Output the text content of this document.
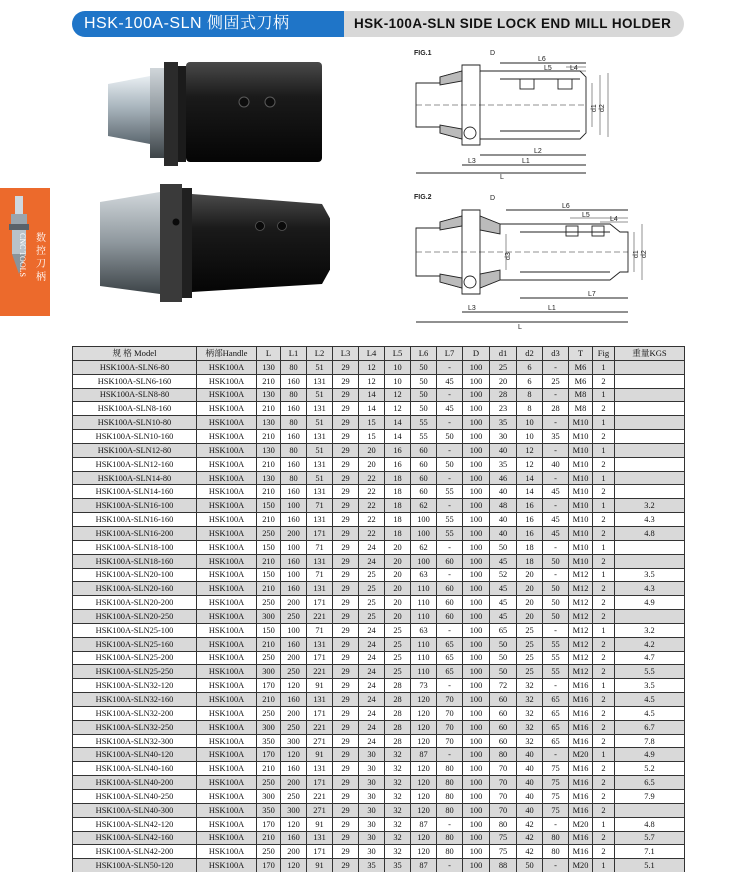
HSK-100A-SLN 侧固式刀柄	HSK-100A-SLN SIDE LOCK END MILL HOLDER
数
控
刀
柄
CNC TOOLS
FIG.1	D
L6
L5	L4
d1 d2
L2
L3	L1
L
FIG.2	D
L6
L5
L4
d3	d1 d2
L7
L3	L1
L
规 格 Model	柄部Handle	L	L1	L2	L3	L4	L5	L6	L7	D	d1	d2	d3	T	Fig	重量KGS
HSK100A-SLN6-80	HSK100A	130	80	51	29	12	10	50	-	100	25	6	-	M6	1	
HSK100A-SLN6-160	HSK100A	210	160	131	29	12	10	50	45	100	20	6	25	M6	2	
HSK100A-SLN8-80	HSK100A	130	80	51	29	14	12	50	-	100	28	8	-	M8	1	
HSK100A-SLN8-160	HSK100A	210	160	131	29	14	12	50	45	100	23	8	28	M8	2	
HSK100A-SLN10-80	HSK100A	130	80	51	29	15	14	55	-	100	35	10	-	M10	1	
HSK100A-SLN10-160	HSK100A	210	160	131	29	15	14	55	50	100	30	10	35	M10	2	
HSK100A-SLN12-80	HSK100A	130	80	51	29	20	16	60	-	100	40	12	-	M10	1	
HSK100A-SLN12-160	HSK100A	210	160	131	29	20	16	60	50	100	35	12	40	M10	2	
HSK100A-SLN14-80	HSK100A	130	80	51	29	22	18	60	-	100	46	14	-	M10	1	
HSK100A-SLN14-160	HSK100A	210	160	131	29	22	18	60	55	100	40	14	45	M10	2	
HSK100A-SLN16-100	HSK100A	150	100	71	29	22	18	62	-	100	48	16	-	M10	1	3.2
HSK100A-SLN16-160	HSK100A	210	160	131	29	22	18	100	55	100	40	16	45	M10	2	4.3
HSK100A-SLN16-200	HSK100A	250	200	171	29	22	18	100	55	100	40	16	45	M10	2	4.8
HSK100A-SLN18-100	HSK100A	150	100	71	29	24	20	62	-	100	50	18	-	M10	1	
HSK100A-SLN18-160	HSK100A	210	160	131	29	24	20	100	60	100	45	18	50	M10	2	
HSK100A-SLN20-100	HSK100A	150	100	71	29	25	20	63	-	100	52	20	-	M12	1	3.5
HSK100A-SLN20-160	HSK100A	210	160	131	29	25	20	110	60	100	45	20	50	M12	2	4.3
HSK100A-SLN20-200	HSK100A	250	200	171	29	25	20	110	60	100	45	20	50	M12	2	4.9
HSK100A-SLN20-250	HSK100A	300	250	221	29	25	20	110	60	100	45	20	50	M12	2	
HSK100A-SLN25-100	HSK100A	150	100	71	29	24	25	63	-	100	65	25	-	M12	1	3.2
HSK100A-SLN25-160	HSK100A	210	160	131	29	24	25	110	65	100	50	25	55	M12	2	4.2
HSK100A-SLN25-200	HSK100A	250	200	171	29	24	25	110	65	100	50	25	55	M12	2	4.7
HSK100A-SLN25-250	HSK100A	300	250	221	29	24	25	110	65	100	50	25	55	M12	2	5.5
HSK100A-SLN32-120	HSK100A	170	120	91	29	24	28	73	-	100	72	32	-	M16	1	3.5
HSK100A-SLN32-160	HSK100A	210	160	131	29	24	28	120	70	100	60	32	65	M16	2	4.5
HSK100A-SLN32-200	HSK100A	250	200	171	29	24	28	120	70	100	60	32	65	M16	2	4.5
HSK100A-SLN32-250	HSK100A	300	250	221	29	24	28	120	70	100	60	32	65	M16	2	6.7
HSK100A-SLN32-300	HSK100A	350	300	271	29	24	28	120	70	100	60	32	65	M16	2	7.8
HSK100A-SLN40-120	HSK100A	170	120	91	29	30	32	87	-	100	80	40	-	M20	1	4.9
HSK100A-SLN40-160	HSK100A	210	160	131	29	30	32	120	80	100	70	40	75	M16	2	5.2
HSK100A-SLN40-200	HSK100A	250	200	171	29	30	32	120	80	100	70	40	75	M16	2	6.5
HSK100A-SLN40-250	HSK100A	300	250	221	29	30	32	120	80	100	70	40	75	M16	2	7.9
HSK100A-SLN40-300	HSK100A	350	300	271	29	30	32	120	80	100	70	40	75	M16	2	
HSK100A-SLN42-120	HSK100A	170	120	91	29	30	32	87	-	100	80	42	-	M20	1	4.8
HSK100A-SLN42-160	HSK100A	210	160	131	29	30	32	120	80	100	75	42	80	M16	2	5.7
HSK100A-SLN42-200	HSK100A	250	200	171	29	30	32	120	80	100	75	42	80	M16	2	7.1
HSK100A-SLN50-120	HSK100A	170	120	91	29	35	35	87	-	100	88	50	-	M20	1	5.1
